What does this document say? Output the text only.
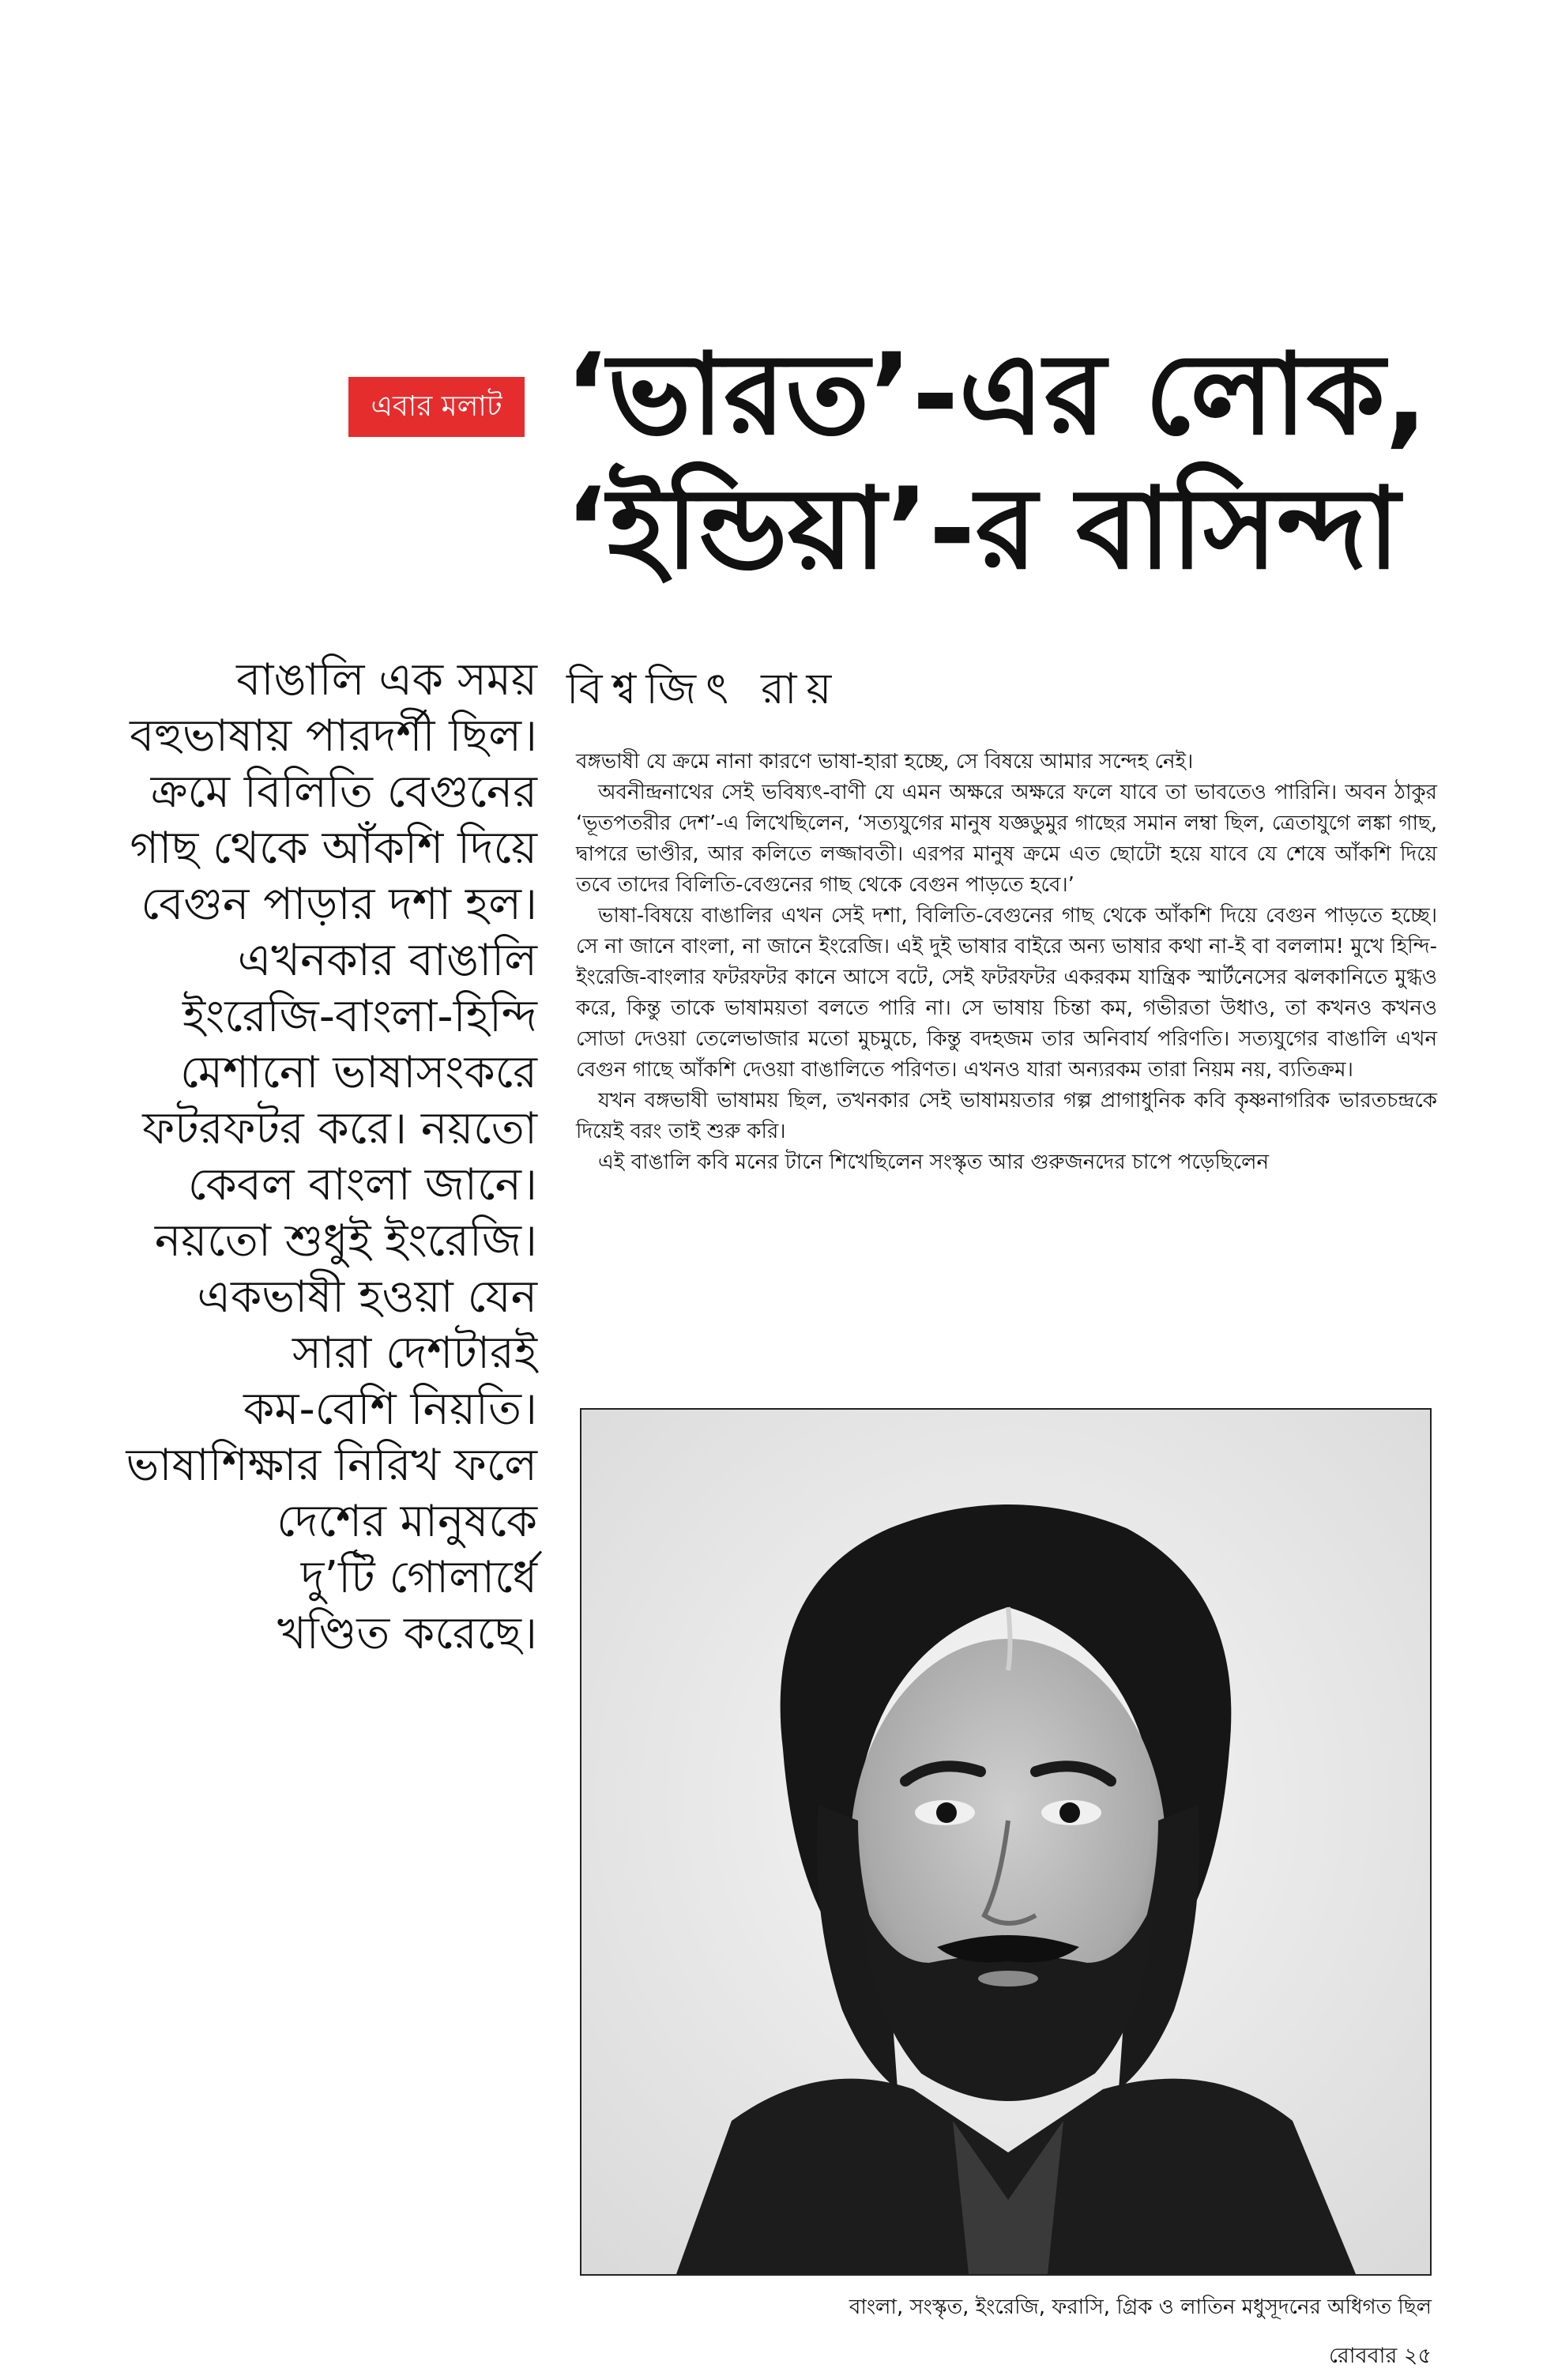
এবার মলাট ‘ভারত’-এর লোক,
‘ইন্ডিয়া’-র বাসিন্দা
বাঙালি এক সময়
বহুভাষায় পারদর্শী ছিল।
ক্রমে বিলিতি বেগুনের
গাছ থেকে আঁকশি দিয়ে
বেগুন পাড়ার দশা হল।
এখনকার বাঙালি
ইংরেজি-বাংলা-হিন্দি
মেশানো ভাষাসংকরে
ফটরফটর করে। নয়তো
কেবল বাংলা জানে।
নয়তো শুধুই ইংরেজি।
একভাষী হওয়া যেন
সারা দেশটারই
কম-বেশি নিয়তি।
ভাষাশিক্ষার নিরিখ ফলে
দেশের মানুষকে
দু’টি গোলার্ধে
খণ্ডিত করেছে।
বিশ্বজিৎ রায়

বঙ্গভাষী যে ক্রমে নানা কারণে ভাষা-হারা হচ্ছে, সে বিষয়ে আমার সন্দেহ নেই।

অবনীন্দ্রনাথের সেই ভবিষ্যৎ-বাণী যে এমন অক্ষরে অক্ষরে ফলে যাবে তা ভাবতেও পারিনি। অবন ঠাকুর ‘ভূতপতরীর দেশ’-এ লিখেছিলেন, ‘সত্যযুগের মানুষ যজ্ঞডুমুর গাছের সমান লম্বা ছিল, ত্রেতাযুগে লঙ্কা গাছ, দ্বাপরে ভাণ্ডীর, আর কলিতে লজ্জাবতী। এরপর মানুষ ক্রমে এত ছোটো হয়ে যাবে যে শেষে আঁকশি দিয়ে তবে তাদের বিলিতি-বেগুনের গাছ থেকে বেগুন পাড়তে হবে।’

ভাষা-বিষয়ে বাঙালির এখন সেই দশা, বিলিতি-বেগুনের গাছ থেকে আঁকশি দিয়ে বেগুন পাড়তে হচ্ছে। সে না জানে বাংলা, না জানে ইংরেজি। এই দুই ভাষার বাইরে অন্য ভাষার কথা না-ই বা বললাম! মুখে হিন্দি-ইংরেজি-বাংলার ফটরফটর কানে আসে বটে, সেই ফটরফটর একরকম যান্ত্রিক স্মার্টনেসের ঝলকানিতে মুগ্ধও করে, কিন্তু তাকে ভাষাময়তা বলতে পারি না। সে ভাষায় চিন্তা কম, গভীরতা উধাও, তা কখনও কখনও সোডা দেওয়া তেলেভাজার মতো মুচমুচে, কিন্তু বদহজম তার অনিবার্য পরিণতি। সত্যযুগের বাঙালি এখন বেগুন গাছে আঁকশি দেওয়া বাঙালিতে পরিণত। এখনও যারা অন্যরকম তারা নিয়ম নয়, ব্যতিক্রম।

যখন বঙ্গভাষী ভাষাময় ছিল, তখনকার সেই ভাষাময়তার গল্প প্রাগাধুনিক কবি কৃষ্ণনাগরিক ভারতচন্দ্রকে দিয়েই বরং তাই শুরু করি।

এই বাঙালি কবি মনের টানে শিখেছিলেন সংস্কৃত আর গুরুজনদের চাপে পড়েছিলেন

বাংলা, সংস্কৃত, ইংরেজি, ফরাসি, গ্রিক ও লাতিন মধুসূদনের অধিগত ছিল
রোববার ২৫
